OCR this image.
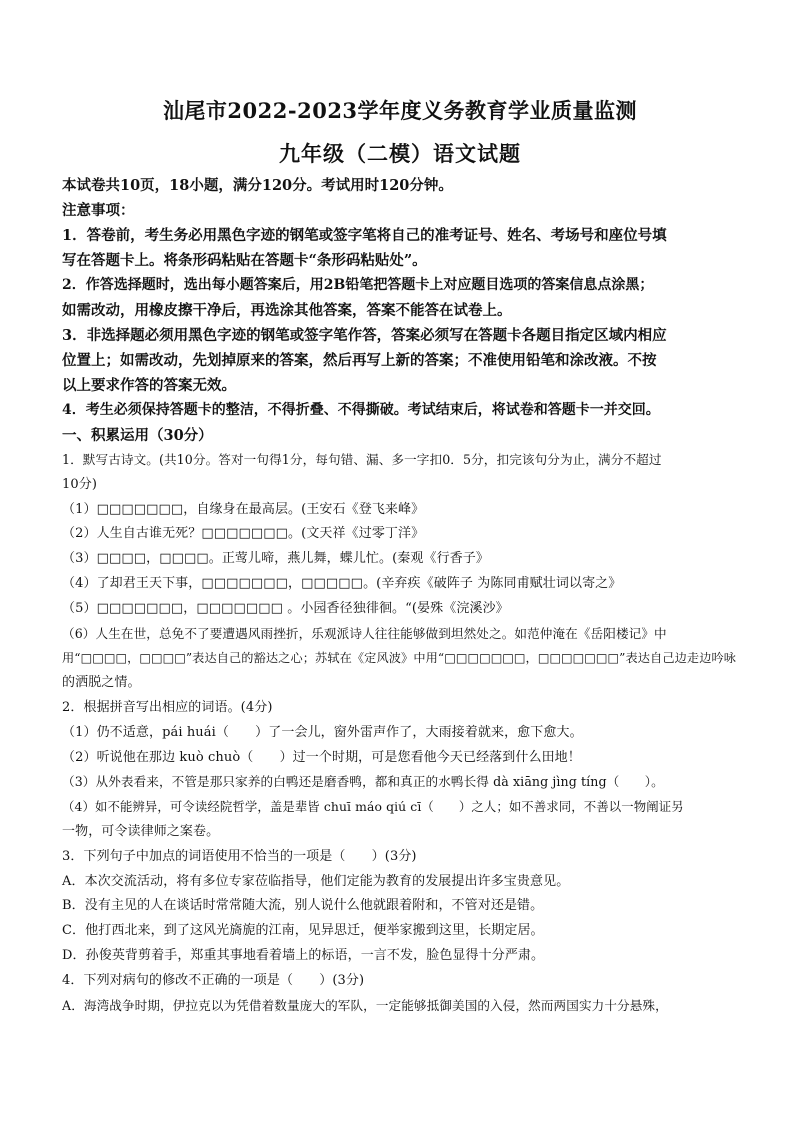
汕尾市2022-2023学年度义务教育学业质量监测
九年级（二模）语文试题

本试卷共10页，18小题，满分120分。考试用时120分钟。

注意事项：

1．答卷前，考生务必用黑色字迹的钢笔或签字笔将自己的准考证号、姓名、考场号和座位号填

写在答题卡上。将条形码粘贴在答题卡“条形码粘贴处”。

2．作答选择题时，选出每小题答案后，用2B铅笔把答题卡上对应题目选项的答案信息点涂黑；

如需改动，用橡皮擦干净后，再选涂其他答案，答案不能答在试卷上。

3．非选择题必须用黑色字迹的钢笔或签字笔作答，答案必须写在答题卡各题目指定区域内相应

位置上；如需改动，先划掉原来的答案，然后再写上新的答案；不准使用铅笔和涂改液。不按

以上要求作答的答案无效。

4．考生必须保持答题卡的整洁，不得折叠、不得撕破。考试结束后，将试卷和答题卡一并交回。

一、积累运用（30分）

1．默写古诗文。(共10分。答对一句得1分，每句错、漏、多一字扣0．5分，扣完该句分为止，满分不超过

10分)

（1）□□□□□□□，自缘身在最高层。(王安石《登飞来峰》

（2）人生自古谁无死？□□□□□□□。(文天祥《过零丁洋》

（3）□□□□，□□□□。正莺儿啼，燕儿舞，蝶儿忙。(秦观《行香子》

（4）了却君王天下事，□□□□□□□，□□□□□。(辛弃疾《破阵子 为陈同甫赋壮词以寄之》

（5）□□□□□□□，□□□□□□□ 。小园香径独徘徊。“(晏殊《浣溪沙》

（6）人生在世，总免不了要遭遇风雨挫折，乐观派诗人往往能够做到坦然处之。如范仲淹在《岳阳楼记》中

用“□□□□，□□□□”表达自己的豁达之心；苏轼在《定风波》中用“□□□□□□□，□□□□□□□”表达自己边走边吟咏

的洒脱之情。

2．根据拼音写出相应的词语。(4分)

（1）仍不适意，pái huái（　　）了一会儿，窗外雷声作了，大雨接着就来，愈下愈大。

（2）听说他在那边 kuò chuò（　　）过一个时期，可是您看他今天已经落到什么田地！

（3）从外表看来，不管是那只家养的白鸭还是磨香鸭，都和真正的水鸭长得 dà xiāng jìng tíng（　　）。

（4）如不能辨异，可令读经院哲学，盖是辈皆 chuī máo qiú cī（　　）之人；如不善求同，不善以一物阐证另

一物，可令读律师之案卷。

3．下列句子中加点的词语使用不恰当的一项是（　　）(3分)

A．本次交流活动，将有多位专家莅临指导，他们定能为教育的发展提出许多宝贵意见。

B．没有主见的人在谈话时常常随大流，别人说什么他就跟着附和，不管对还是错。

C．他打西北来，到了这风光旖旎的江南，见异思迁，便举家搬到这里，长期定居。

D．孙俊英背剪着手，郑重其事地看着墙上的标语，一言不发，脸色显得十分严肃。

4．下列对病句的修改不正确的一项是（　　）(3分)

A．海湾战争时期，伊拉克以为凭借着数量庞大的军队，一定能够抵御美国的入侵，然而两国实力十分悬殊，
